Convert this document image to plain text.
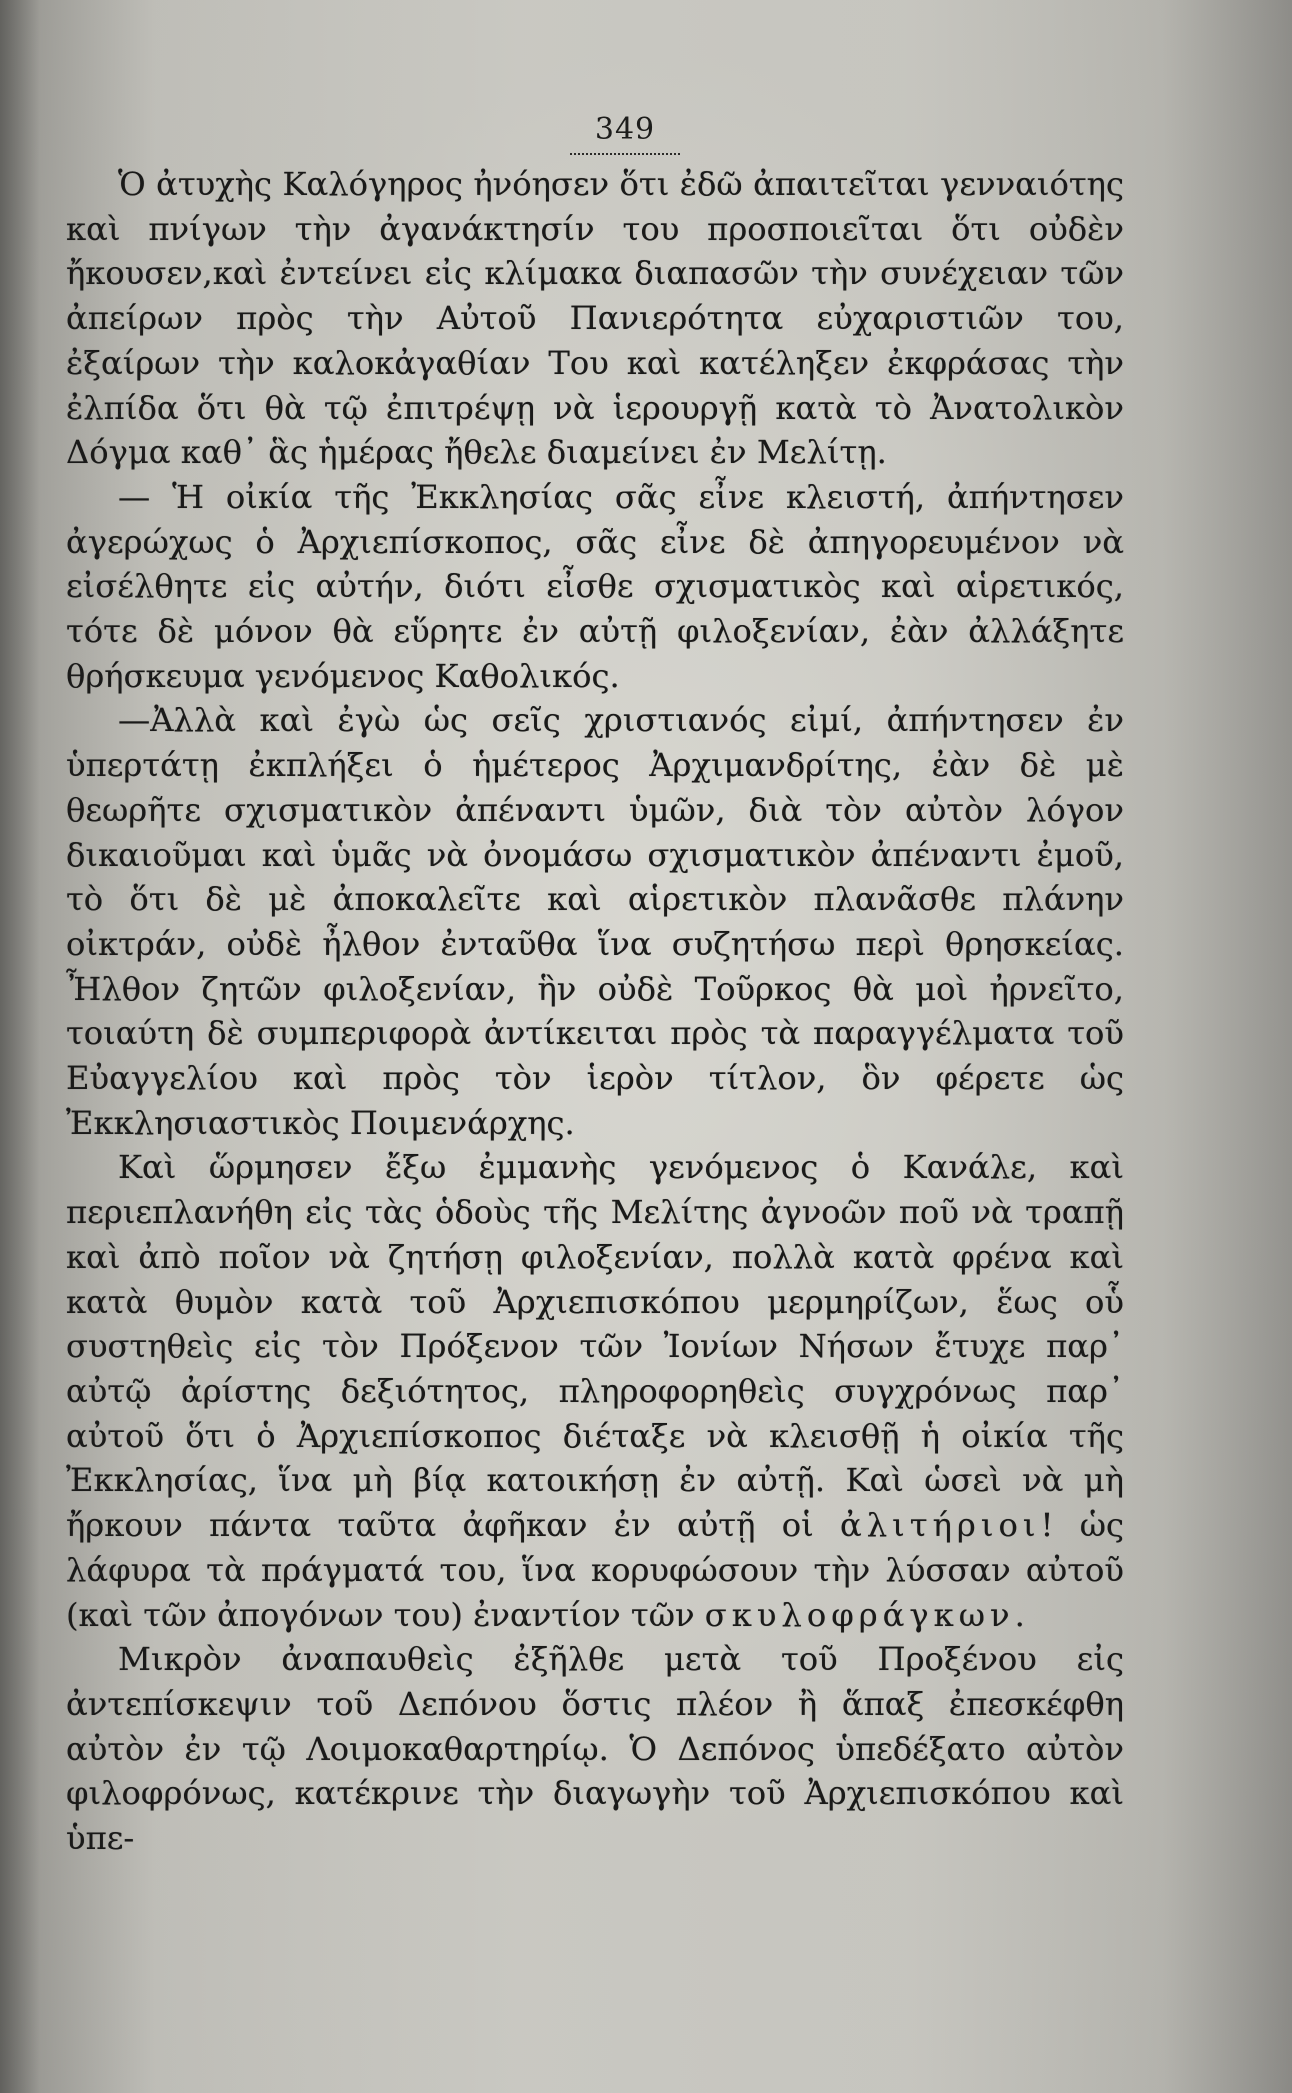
349

Ὁ ἀτυχὴς Καλόγηρος ἠνόησεν ὅτι ἐδῶ ἀπαιτεῖται γενναιότης καὶ πνίγων τὴν ἀγανάκτησίν του προσποιεῖται ὅτι οὐδὲν ἤκουσεν,καὶ ἐντείνει εἰς κλίμακα διαπασῶν τὴν συνέχειαν τῶν ἀπείρων πρὸς τὴν Αὐτοῦ Πανιερότητα εὐχαριστιῶν του, ἐξαίρων τὴν καλοκἀγαθίαν Του καὶ κατέληξεν ἐκφράσας τὴν ἐλπίδα ὅτι θὰ τῷ ἐπιτρέψῃ νὰ ἱερουργῇ κατὰ τὸ Ἀνατολικὸν Δόγμα καθ᾿ ἃς ἡμέρας ἤθελε διαμείνει ἐν Μελίτῃ.

— Ἡ οἰκία τῆς Ἐκκλησίας σᾶς εἶνε κλειστή, ἀπήντησεν ἀγερώχως ὁ Ἀρχιεπίσκοπος, σᾶς εἶνε δὲ ἀπηγορευμένον νὰ εἰσέλθητε εἰς αὐτήν, διότι εἶσθε σχισματικὸς καὶ αἱρετικός, τότε δὲ μόνον θὰ εὕρητε ἐν αὐτῇ φιλοξενίαν, ἐὰν ἀλλάξητε θρήσκευμα γενόμενος Καθολικός.

—Ἀλλὰ καὶ ἐγὼ ὡς σεῖς χριστιανός εἰμί, ἀπήντησεν ἐν ὑπερτάτῃ ἐκπλήξει ὁ ἡμέτερος Ἀρχιμανδρίτης, ἐὰν δὲ μὲ θεωρῆτε σχισματικὸν ἀπέναντι ὑμῶν, διὰ τὸν αὐτὸν λόγον δικαιοῦμαι καὶ ὑμᾶς νὰ ὀνομάσω σχισματικὸν ἀπέναντι ἐμοῦ, τὸ ὅτι δὲ μὲ ἀποκαλεῖτε καὶ αἱρετικὸν πλανᾶσθε πλάνην οἰκτράν, οὐδὲ ἦλθον ἐνταῦθα ἵνα συζητήσω περὶ θρησκείας. Ἦλθον ζητῶν φιλοξενίαν, ἣν οὐδὲ Τοῦρκος θὰ μοὶ ἠρνεῖτο, τοιαύτη δὲ συμπεριφορὰ ἀντίκειται πρὸς τὰ παραγγέλματα τοῦ Εὐαγγελίου καὶ πρὸς τὸν ἱερὸν τίτλον, ὃν φέρετε ὡς Ἐκκλησιαστικὸς Ποιμενάρχης.

Καὶ ὥρμησεν ἔξω ἐμμανὴς γενόμενος ὁ Κανάλε, καὶ περιεπλανήθη εἰς τὰς ὁδοὺς τῆς Μελίτης ἀγνοῶν ποῦ νὰ τραπῇ καὶ ἀπὸ ποῖον νὰ ζητήσῃ φιλοξενίαν, πολλὰ κατὰ φρένα καὶ κατὰ θυμὸν κατὰ τοῦ Ἀρχιεπισκόπου μερμηρίζων, ἕως οὗ συστηθεὶς εἰς τὸν Πρόξενον τῶν Ἰονίων Νήσων ἔτυχε παρ᾿ αὐτῷ ἀρίστης δεξιότητος, πληροφορηθεὶς συγχρόνως παρ᾿ αὐτοῦ ὅτι ὁ Ἀρχιεπίσκοπος διέταξε νὰ κλεισθῇ ἡ οἰκία τῆς Ἐκκλησίας, ἵνα μὴ βίᾳ κατοικήσῃ ἐν αὐτῇ. Καὶ ὡσεὶ νὰ μὴ ἤρκουν πάντα ταῦτα ἀφῆκαν ἐν αὐτῇ οἱ ἀλιτήριοι! ὡς λάφυρα τὰ πράγματά του, ἵνα κορυφώσουν τὴν λύσσαν αὐτοῦ (καὶ τῶν ἀπογόνων του) ἐναντίον τῶν σκυλοφράγκων.

Μικρὸν ἀναπαυθεὶς ἐξῆλθε μετὰ τοῦ Προξένου εἰς ἀντεπίσκεψιν τοῦ Δεπόνου ὅστις πλέον ἢ ἅπαξ ἐπεσκέφθη αὐτὸν ἐν τῷ Λοιμοκαθαρτηρίῳ. Ὁ Δεπόνος ὑπεδέξατο αὐτὸν φιλοφρόνως, κατέκρινε τὴν διαγωγὴν τοῦ Ἀρχιεπισκόπου καὶ ὑπε-
